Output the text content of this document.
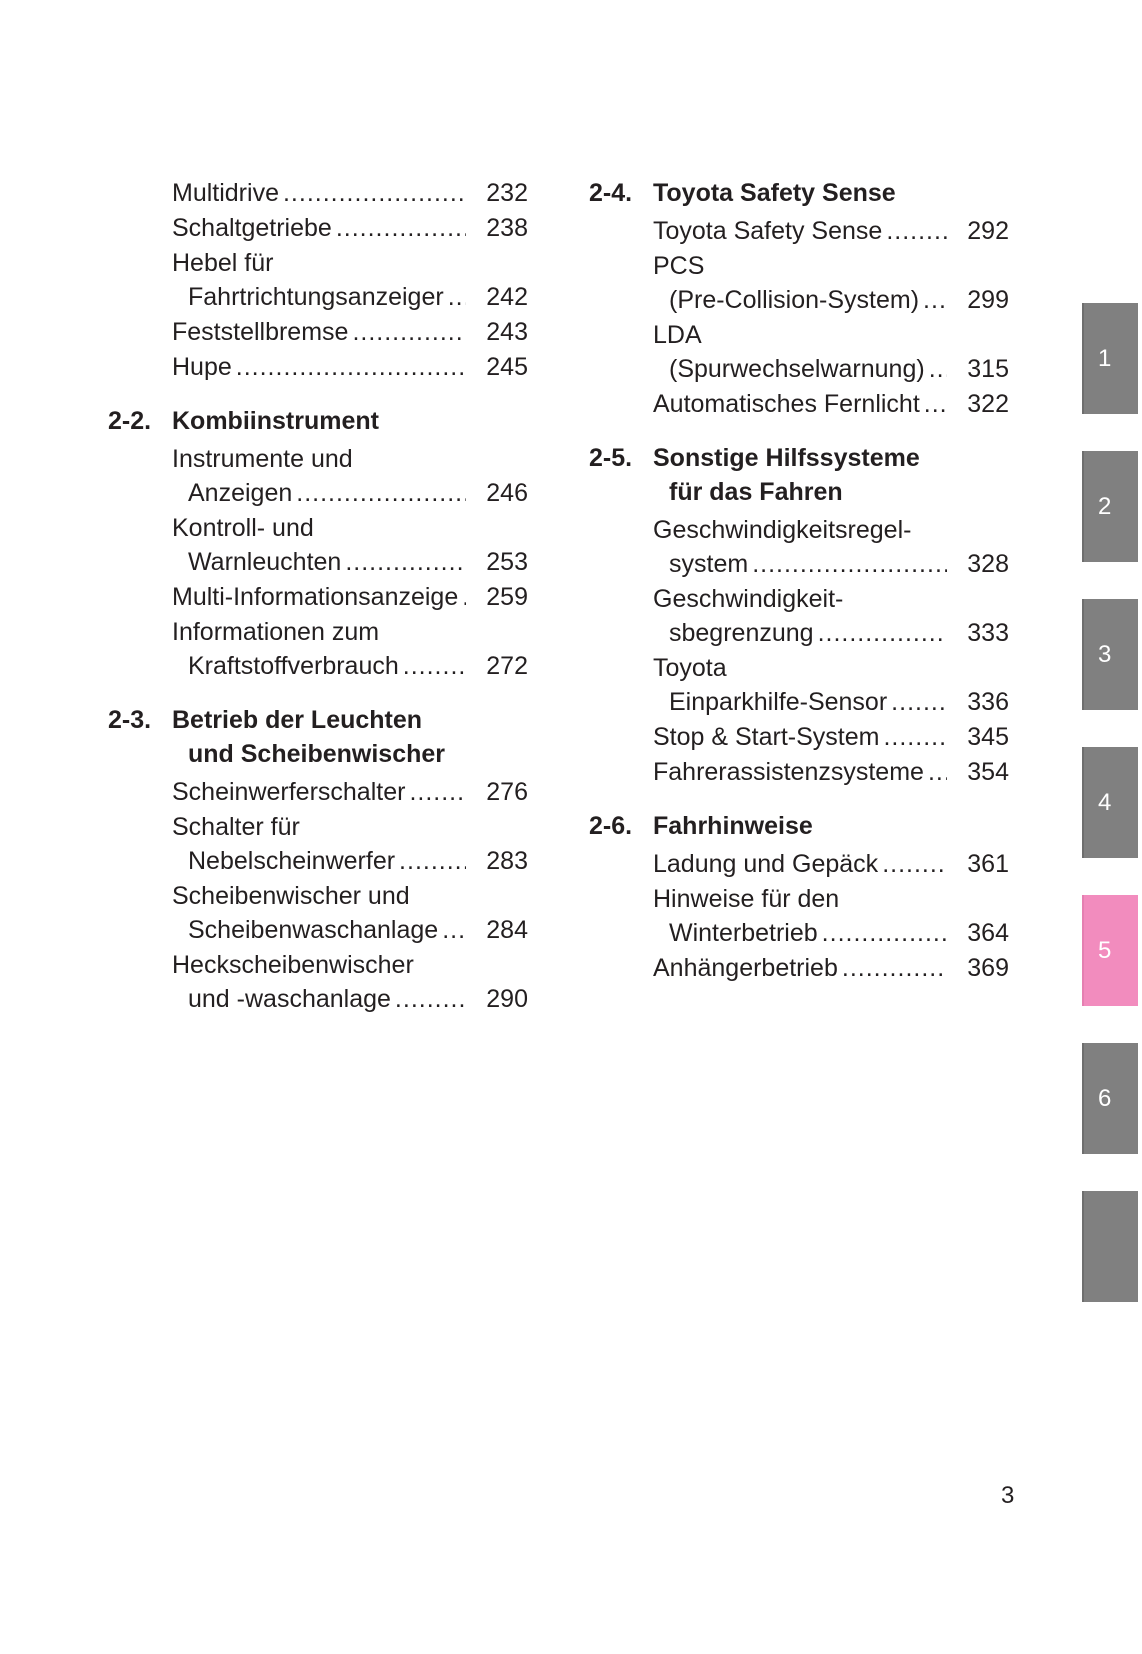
Multidrive .....	232
Schaltgetriebe .....	238
Hebel für
Fahrtrichtungsanzeiger .....	242
Feststellbremse .....	243
Hupe .....	245
2-2. Kombiinstrument
Instrumente und
Anzeigen .....	246
Kontroll- und
Warnleuchten .....	253
Multi-Informationsanzeige .....	259
Informationen zum
Kraftstoffverbrauch .....	272
2-3. Betrieb der Leuchten
und Scheibenwischer
Scheinwerferschalter .....	276
Schalter für
Nebelscheinwerfer .....	283
Scheibenwischer und
Scheibenwaschanlage .....	284
Heckscheibenwischer
und -waschanlage .....	290
2-4. Toyota Safety Sense
Toyota Safety Sense .....	292
PCS
(Pre-Collision-System) .....	299
LDA
(Spurwechselwarnung) .....	315
Automatisches Fernlicht .....	322
2-5. Sonstige Hilfssysteme
für das Fahren
Geschwindigkeitsregel-
system .....	328
Geschwindigkeit-
sbegrenzung .....	333
Toyota
Einparkhilfe-Sensor .....	336
Stop & Start-System .....	345
Fahrerassistenzsysteme .....	354
2-6. Fahrhinweise
Ladung und Gepäck .....	361
Hinweise für den
Winterbetrieb .....	364
Anhängerbetrieb .....	369
1
2
3
4
5
6
3
